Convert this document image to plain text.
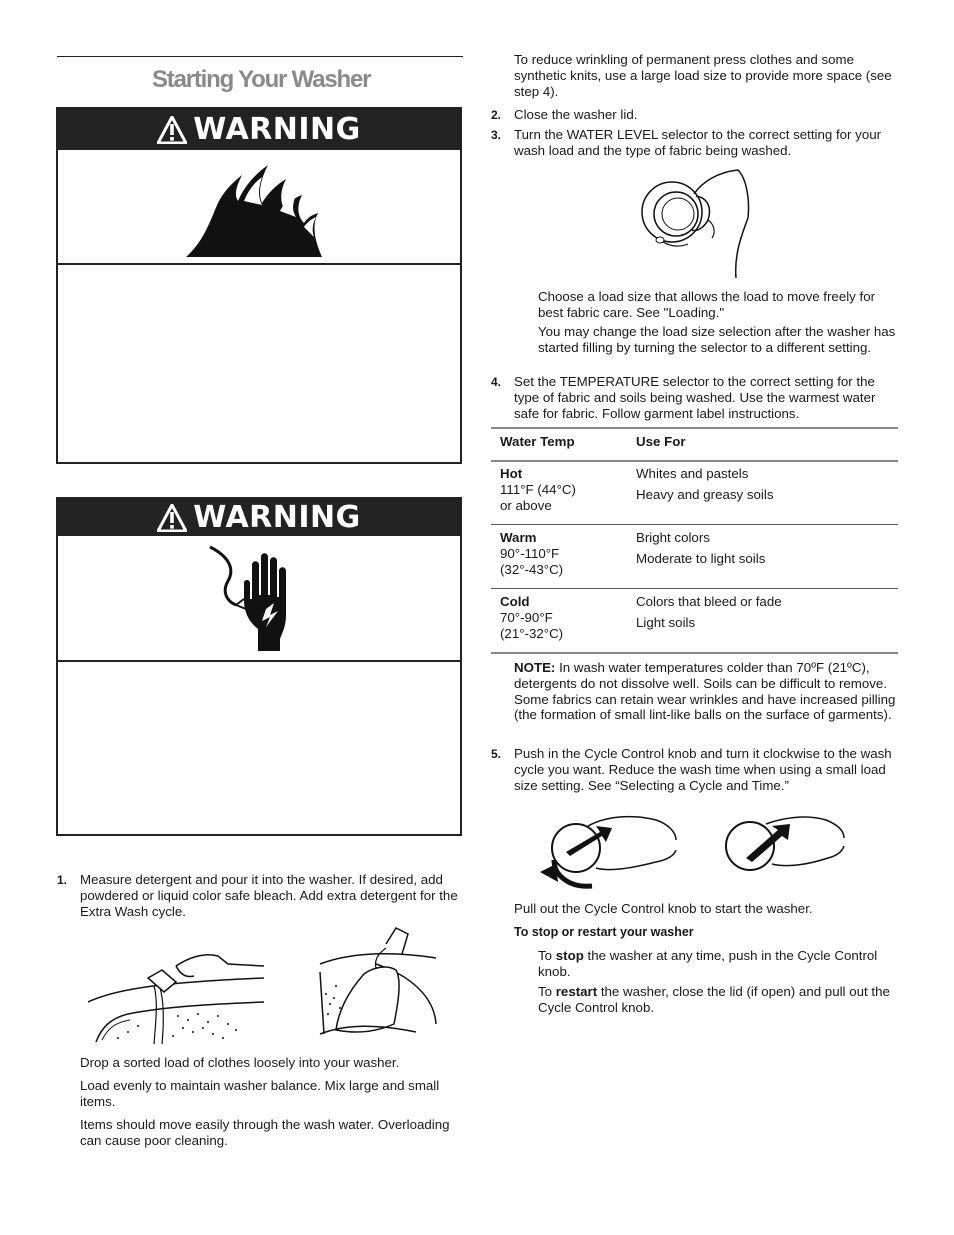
Starting Your Washer
WARNING
WARNING
1. Measure detergent and pour it into the washer. If desired, add powdered or liquid color safe bleach. Add extra detergent for the Extra Wash cycle.
Drop a sorted load of clothes loosely into your washer.
Load evenly to maintain washer balance. Mix large and small items.
Items should move easily through the wash water. Overloading can cause poor cleaning.
To reduce wrinkling of permanent press clothes and some synthetic knits, use a large load size to provide more space (see step 4).
2. Close the washer lid.
3. Turn the WATER LEVEL selector to the correct setting for your wash load and the type of fabric being washed.
Choose a load size that allows the load to move freely for best fabric care. See "Loading."
You may change the load size selection after the washer has started filling by turning the selector to a different setting.
4. Set the TEMPERATURE selector to the correct setting for the type of fabric and soils being washed. Use the warmest water safe for fabric. Follow garment label instructions.
Water Temp	Use For
Hot
111°F (44°C)
or above
Whites and pastels
Heavy and greasy soils
Warm
90°-110°F
(32°-43°C)
Bright colors
Moderate to light soils
Cold
70°-90°F
(21°-32°C)
Colors that bleed or fade
Light soils
NOTE: In wash water temperatures colder than 70ºF (21ºC), detergents do not dissolve well. Soils can be difficult to remove. Some fabrics can retain wear wrinkles and have increased pilling (the formation of small lint-like balls on the surface of garments).
5. Push in the Cycle Control knob and turn it clockwise to the wash cycle you want. Reduce the wash time when using a small load size setting. See “Selecting a Cycle and Time.”
Pull out the Cycle Control knob to start the washer.
To stop or restart your washer
To stop the washer at any time, push in the Cycle Control knob.
To restart the washer, close the lid (if open) and pull out the Cycle Control knob.
